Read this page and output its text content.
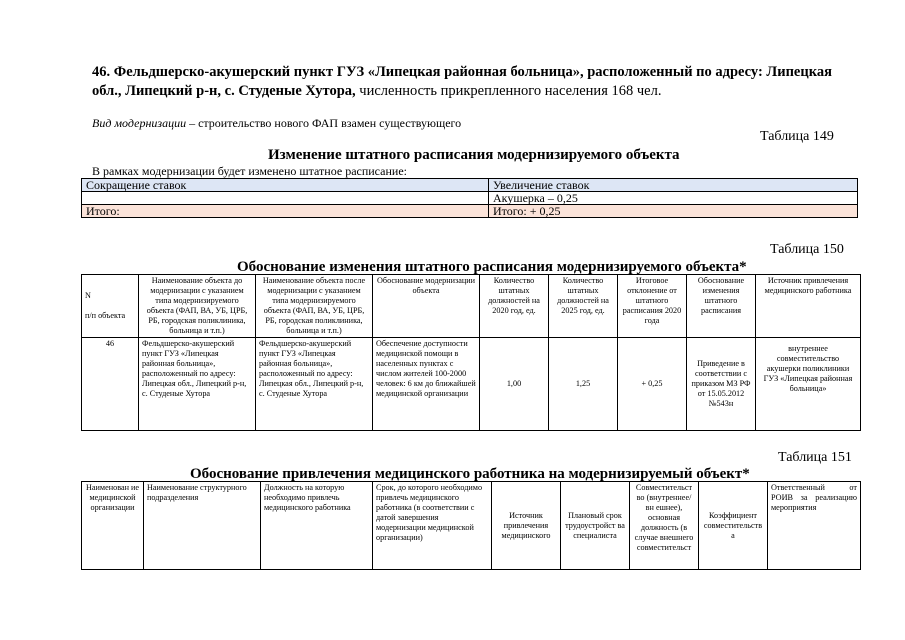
46. Фельдшерско-акушерский пункт ГУЗ «Липецкая районная больница», расположенный по адресу: Липецкая обл., Липецкий р-н, с. Студеные Хутора, численность прикрепленного населения 168 чел.
Вид модернизации – строительство нового ФАП взамен существующего
Таблица 149
Изменение штатного расписания модернизируемого объекта
В рамках модернизации будет изменено штатное расписание:
Сокращение ставок	Увеличение ставок
	Акушерка – 0,25
Итого:	Итого: + 0,25
Таблица 150
Обоснование изменения штатного расписания модернизируемого объекта*
N

п/п объекта	Наименование объекта до модернизации с указанием типа модернизируемого объекта (ФАП, ВА, УБ, ЦРБ, РБ, городская поликлиника, больница и т.п.)	Наименование объекта после модернизации с указанием типа модернизируемого объекта (ФАП, ВА, УБ, ЦРБ, РБ, городская поликлиника, больница и т.п.)	Обоснование модернизации объекта	Количество штатных должностей на 2020 год, ед.	Количество штатных должностей на 2025 год, ед.	Итоговое отклонение от штатного расписания 2020 года	Обоснование изменения штатного расписания	Источник привлечения медицинского работника
46	Фельдшерско-акушерский пункт ГУЗ «Липецкая районная больница», расположенный по адресу: Липецкая обл., Липецкий р-н, с. Студеные Хутора	Фельдшерско-акушерский пункт ГУЗ «Липецкая районная больница», расположенный по адресу: Липецкая обл., Липецкий р-н, с. Студеные Хутора	Обеспечение доступности медицинской помощи в населенных пунктах с числом жителей 100-2000 человек: 6 км до ближайшей медицинской организации	1,00	1,25	+ 0,25	Приведение в соответствии с приказом МЗ РФ от 15.05.2012 №543н	внутреннее совместительство акушерки поликлиники ГУЗ «Липецкая районная больница»
Таблица 151
Обоснование привлечения медицинского работника на модернизируемый объект*
Наименован ие медицинской организации	Наименование структурного подразделения	Должность на которую необходимо привлечь медицинского работника	Срок, до которого необходимо привлечь медицинского работника (в соответствии с датой завершения модернизации медицинской организации)	Источник привлечения медицинского	Плановый срок трудоустройст ва специалиста	Совместительст во (внутреннее/вн ешнее), основная должность (в случае внешнего совместительст	Коэффициент совместительств а	Ответственный от РОИВ за реализацию мероприятия
